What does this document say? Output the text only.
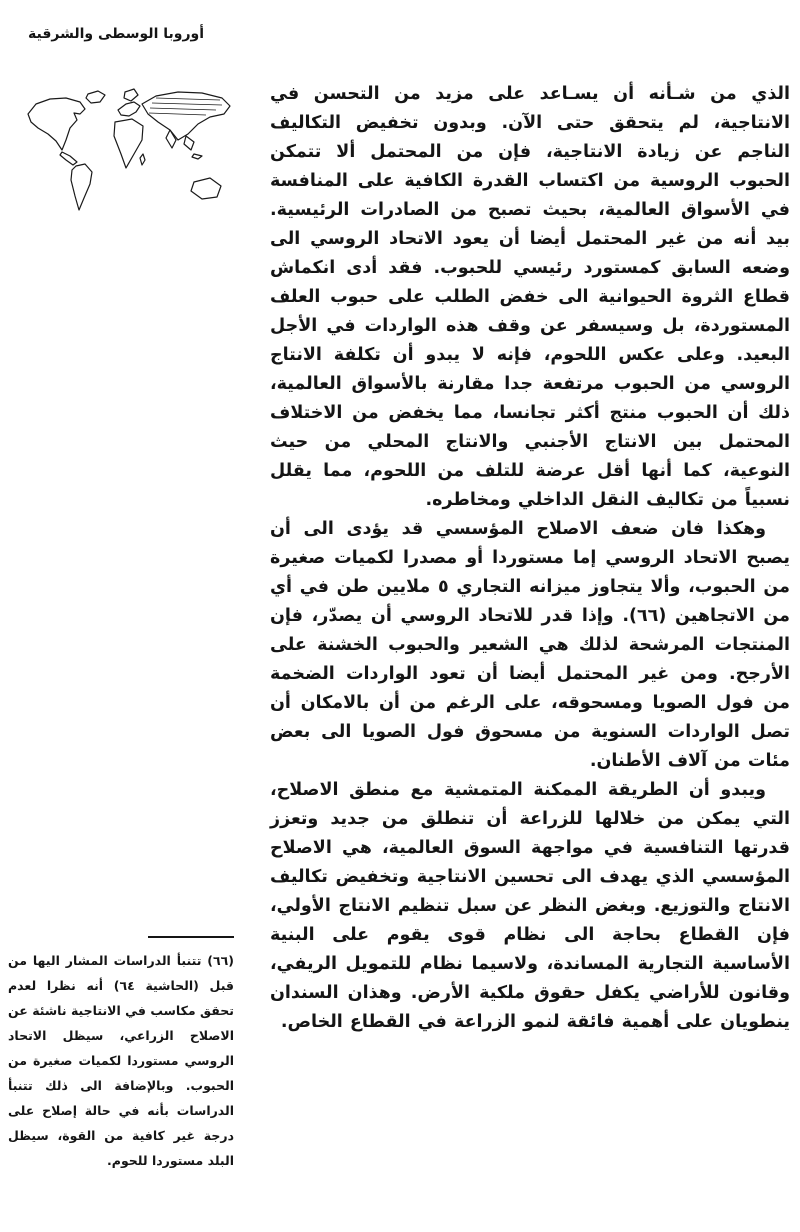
أوروبا الوسطى والشرقية

الذي من شـأنه أن يسـاعد على مزيد من التحسن في الانتاجية، لم يتحقق حتى الآن. وبدون تخفيض التكاليف الناجم عن زيادة الانتاجية، فإن من المحتمل ألا تتمكن الحبوب الروسية من اكتساب القدرة الكافية على المنافسة في الأسواق العالمية، بحيث تصبح من الصادرات الرئيسية. بيد أنه من غير المحتمل أيضا أن يعود الاتحاد الروسي الى وضعه السابق كمستورد رئيسي للحبوب. فقد أدى انكماش قطاع الثروة الحيوانية الى خفض الطلب على حبوب العلف المستوردة، بل وسيسفر عن وقف هذه الواردات في الأجل البعيد. وعلى عكس اللحوم، فإنه لا يبدو أن تكلفة الانتاج الروسي من الحبوب مرتفعة جدا مقارنة بالأسواق العالمية، ذلك أن الحبوب منتج أكثر تجانسا، مما يخفض من الاختلاف المحتمل بين الانتاج الأجنبي والانتاج المحلي من حيث النوعية، كما أنها أقل عرضة للتلف من اللحوم، مما يقلل نسبياً من تكاليف النقل الداخلي ومخاطره.

وهكذا فان ضعف الاصلاح المؤسسي قد يؤدى الى أن يصبح الاتحاد الروسي إما مستوردا أو مصدرا لكميات صغيرة من الحبوب، وألا يتجاوز ميزانه التجاري ٥ ملايين طن في أي من الاتجاهين (٦٦). وإذا قدر للاتحاد الروسي أن يصدّر، فإن المنتجات المرشحة لذلك هي الشعير والحبوب الخشنة على الأرجح. ومن غير المحتمل أيضا أن تعود الواردات الضخمة من فول الصويا ومسحوقه، على الرغم من أن بالامكان أن تصل الواردات السنوية من مسحوق فول الصويا الى بعض مئات من آلاف الأطنان.

ويبدو أن الطريقة الممكنة المتمشية مع منطق الاصلاح، التي يمكن من خلالها للزراعة أن تنطلق من جديد وتعزز قدرتها التنافسية في مواجهة السوق العالمية، هي الاصلاح المؤسسي الذي يهدف الى تحسين الانتاجية وتخفيض تكاليف الانتاج والتوزيع. وبغض النظر عن سبل تنظيم الانتاج الأولي، فإن القطاع بحاجة الى نظام قوى يقوم على البنية الأساسية التجارية المساندة، ولاسيما نظام للتمويل الريفي، وقانون للأراضي يكفل حقوق ملكية الأرض. وهذان السندان ينطويان على أهمية فائقة لنمو الزراعة في القطاع الخاص.

(٦٦) تتنبأ الدراسات المشار اليها من قبل (الحاشية ٦٤) أنه نظرا لعدم تحقق مكاسب في الانتاجية ناشئة عن الاصلاح الزراعي، سيظل الاتحاد الروسي مستوردا لكميات صغيرة من الحبوب. وبالإضافة الى ذلك تتنبأ الدراسات بأنه في حالة إصلاح على درجة غير كافية من القوة، سيظل البلد مستوردا للحوم.
